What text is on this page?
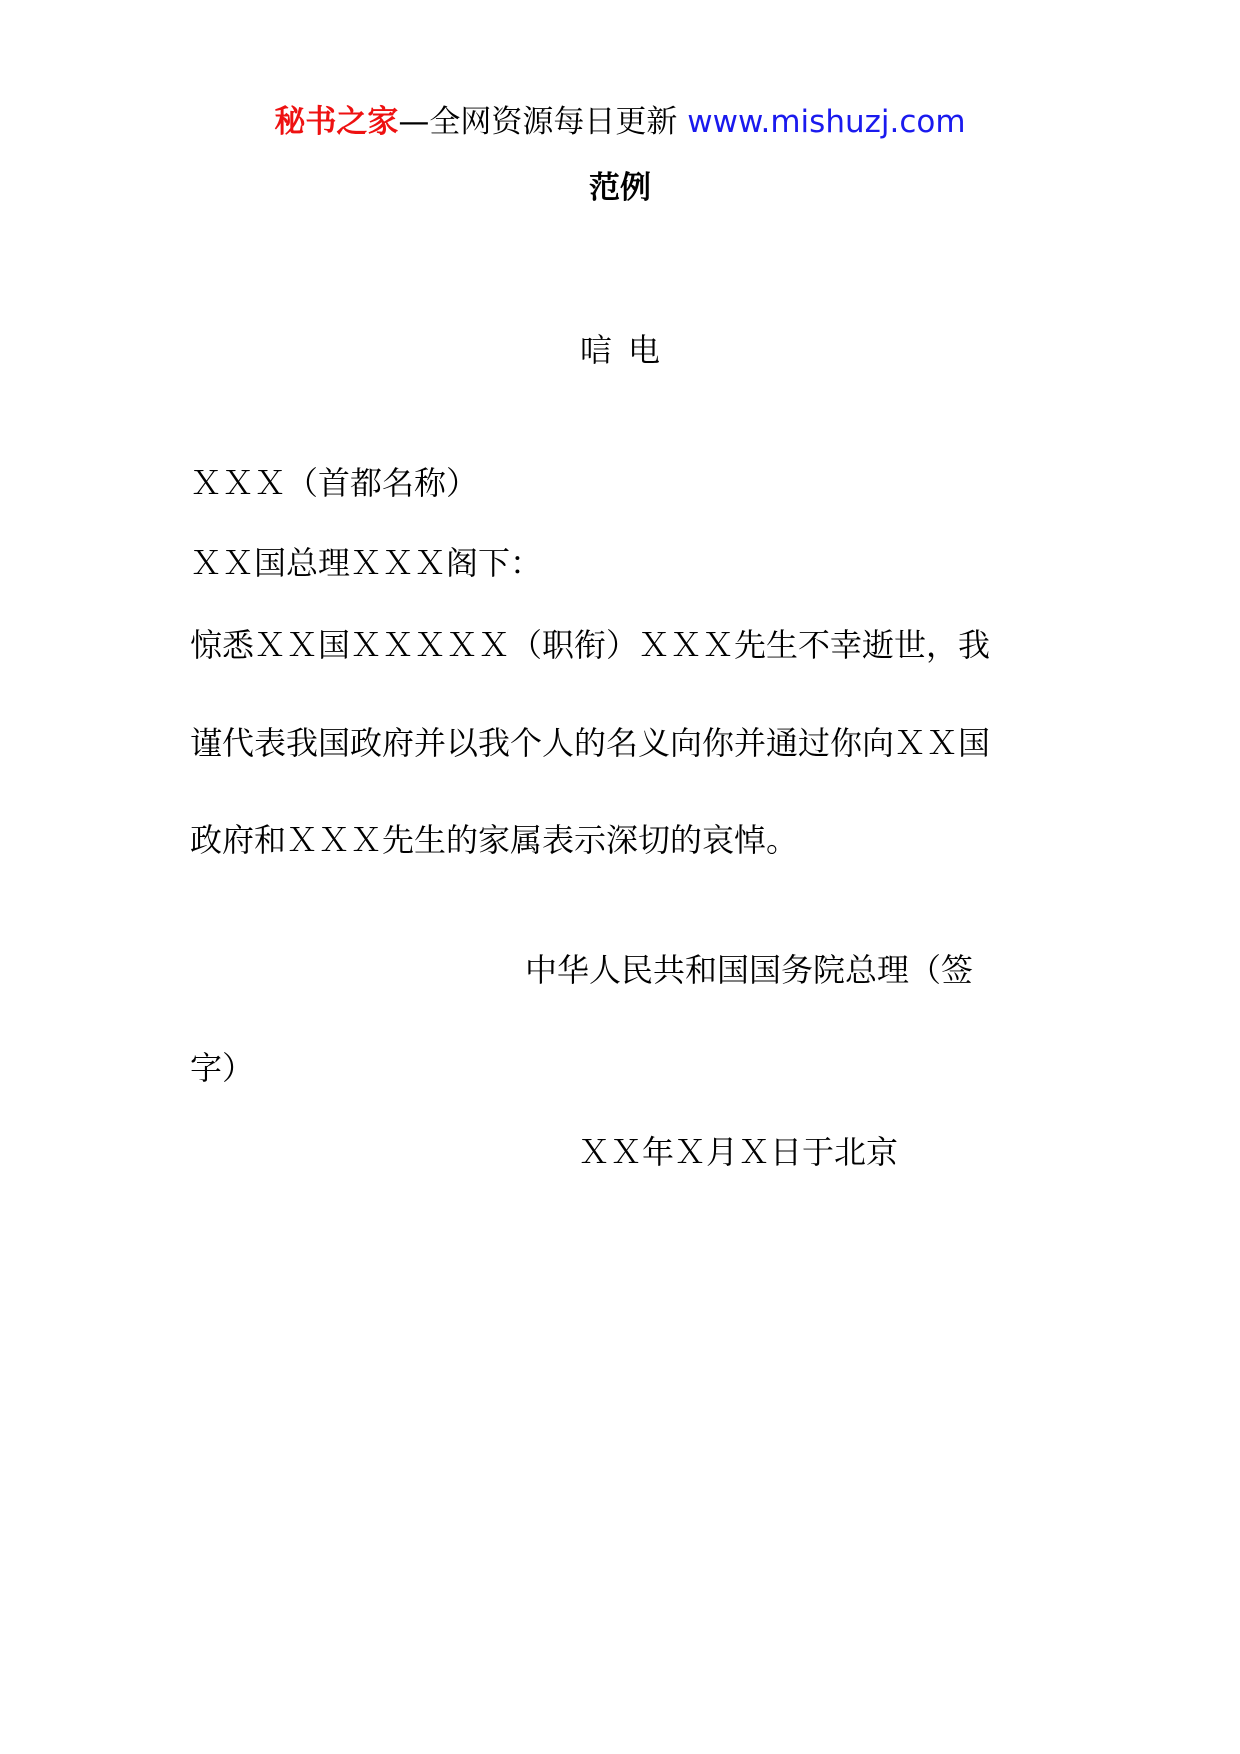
秘书之家—全网资源每日更新 www.mishuzj.com
范例
唁电
ＸＸＸ（首都名称）
ＸＸ国总理ＸＸＸ阁下：
惊悉ＸＸ国ＸＸＸＸＸ（职衔）ＸＸＸ先生不幸逝世，我
谨代表我国政府并以我个人的名义向你并通过你向ＸＸ国
政府和ＸＸＸ先生的家属表示深切的哀悼。
中华人民共和国国务院总理（签
字）
ＸＸ年Ｘ月Ｘ日于北京
